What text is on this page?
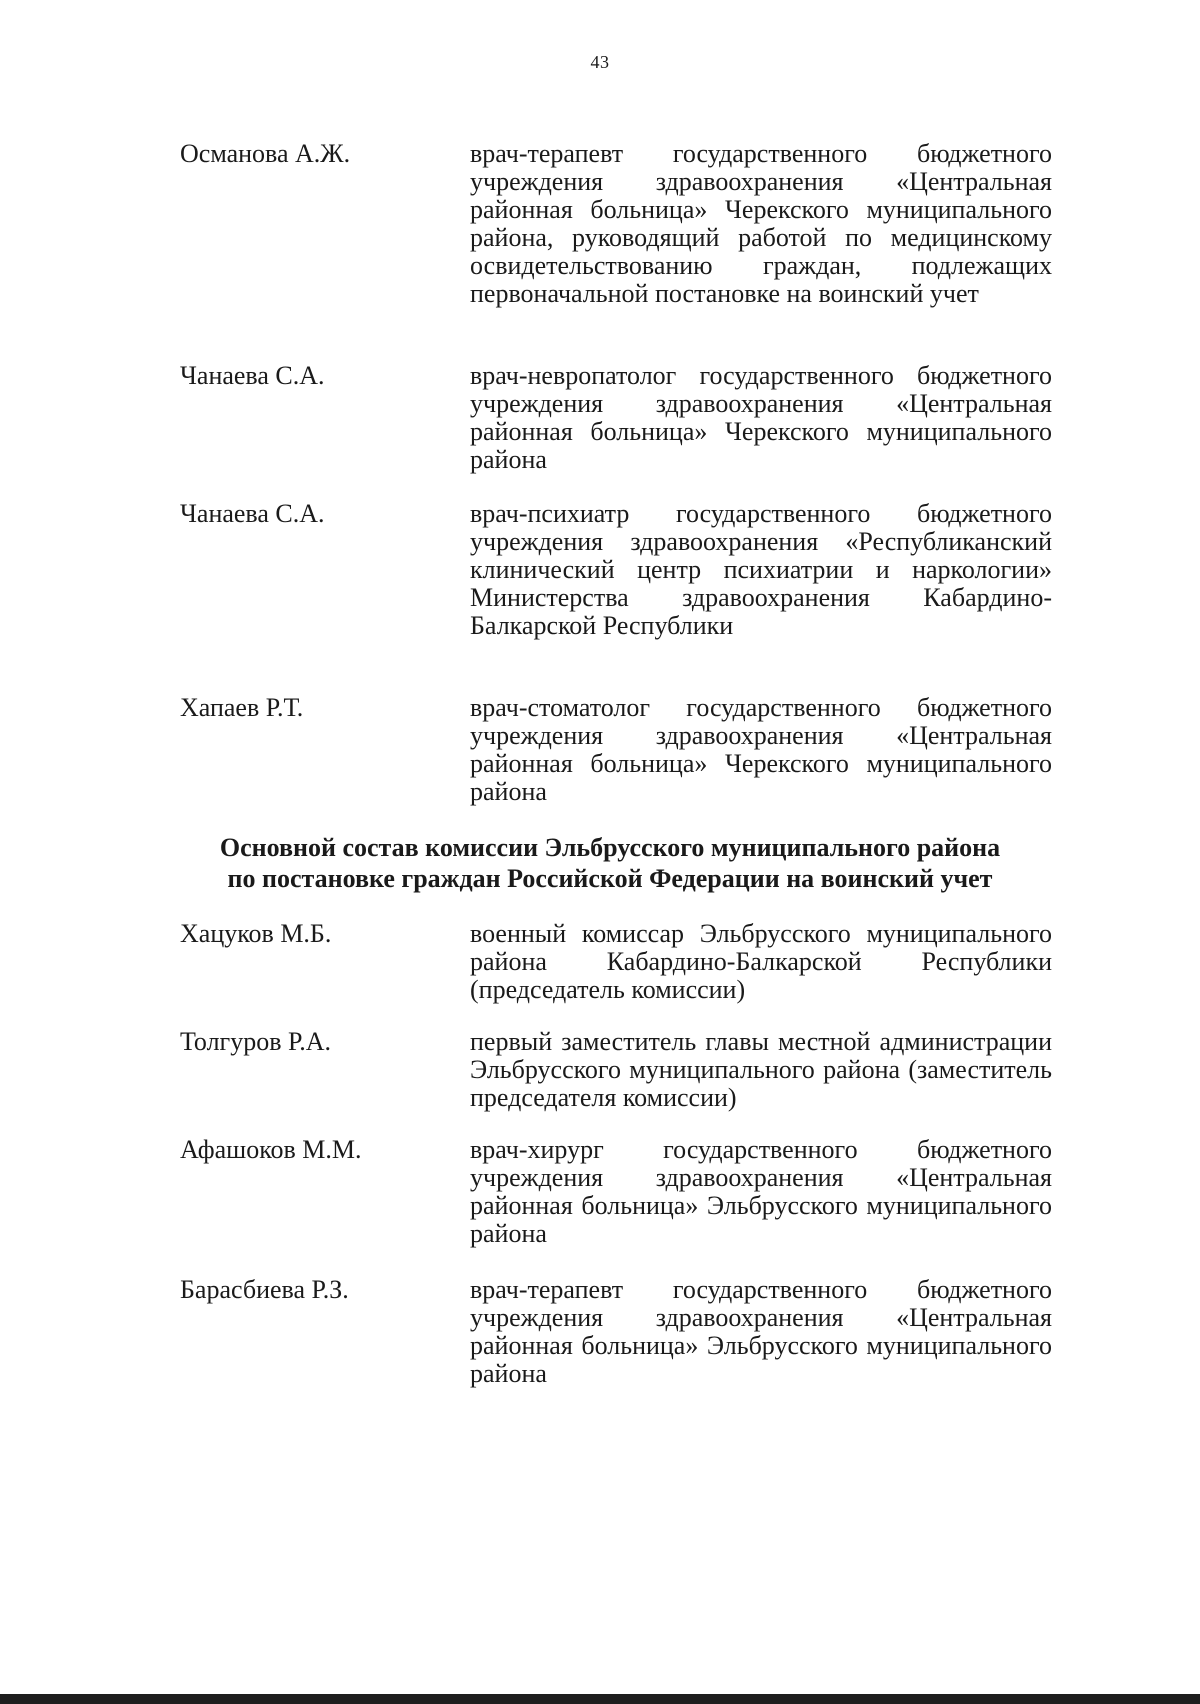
43
Османова А.Ж.	врач-терапевт государственного бюджетного учреждения здравоохранения «Центральная районная больница» Черекского муниципального района, руководящий работой по медицинскому освидетельствованию граждан, подлежащих первоначальной постановке на воинский учет
Чанаева С.А.	врач-невропатолог государственного бюджетного учреждения здравоохранения «Центральная районная больница» Черекского муниципального района
Чанаева С.А.	врач-психиатр государственного бюджетного учреждения здравоохранения «Республиканский клинический центр психиатрии и наркологии» Министерства здравоохранения Кабардино-Балкарской Республики
Хапаев Р.Т.	врач-стоматолог государственного бюджетного учреждения здравоохранения «Центральная районная больница» Черекского муниципального района
Основной состав комиссии Эльбрусского муниципального района
по постановке граждан Российской Федерации на воинский учет
Хацуков М.Б.	военный комиссар Эльбрусского муниципального района Кабардино-Балкарской Республики (председатель комиссии)
Толгуров Р.А.	первый заместитель главы местной администрации Эльбрусского муниципального района (заместитель председателя комиссии)
Афашоков М.М.	врач-хирург государственного бюджетного учреждения здравоохранения «Центральная районная больница» Эльбрусского муниципального района
Барасбиева Р.З.	врач-терапевт государственного бюджетного учреждения здравоохранения «Центральная районная больница» Эльбрусского муниципального района
